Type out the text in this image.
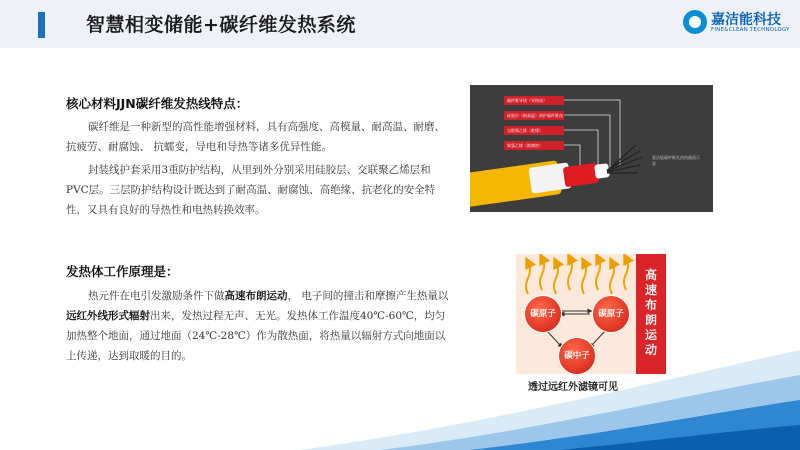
智慧相变储能+碳纤维发热系统	嘉洁能科技
FINE&CLEAN TECHNOLOGY
核心材料JJN碳纤维发热线特点：
碳纤维是一种新型的高性能增强材料，具有高强度、高模量、耐高温、耐磨、抗疲劳、耐腐蚀、 抗蠕变，导电和导热等诸多优异性能。
封装线护套采用3重防护结构，从里到外分别采用硅胶层、交联聚乙烯层和PVC层。三层防护结构设计既达到了耐高温、耐腐蚀、高绝缘、抗老化的安全特性，又具有良好的导热性和电热转换效率。
碳纤维导线（导热丝）
硅胶层（耐高温）防护碳纤维丝
交联聚乙烯（绝缘）
聚氯乙烯（耐腐蚀）
嘉洁能碳纤维发热线截面示意
发热体工作原理是：
热元件在电引发激励条件下做高速布朗运动， 电子间的撞击和摩擦产生热量以远红外线形式辐射出来，发热过程无声、无光。发热体工作温度40℃-60℃，均匀加热整个地面，通过地面（24℃-28℃）作为散热面，将热量以辐射方式向地面以上传递，达到取暖的目的。
碳原子	碳原子
碳中子
高
速
布
朗
运
动
透过远红外滤镜可见
